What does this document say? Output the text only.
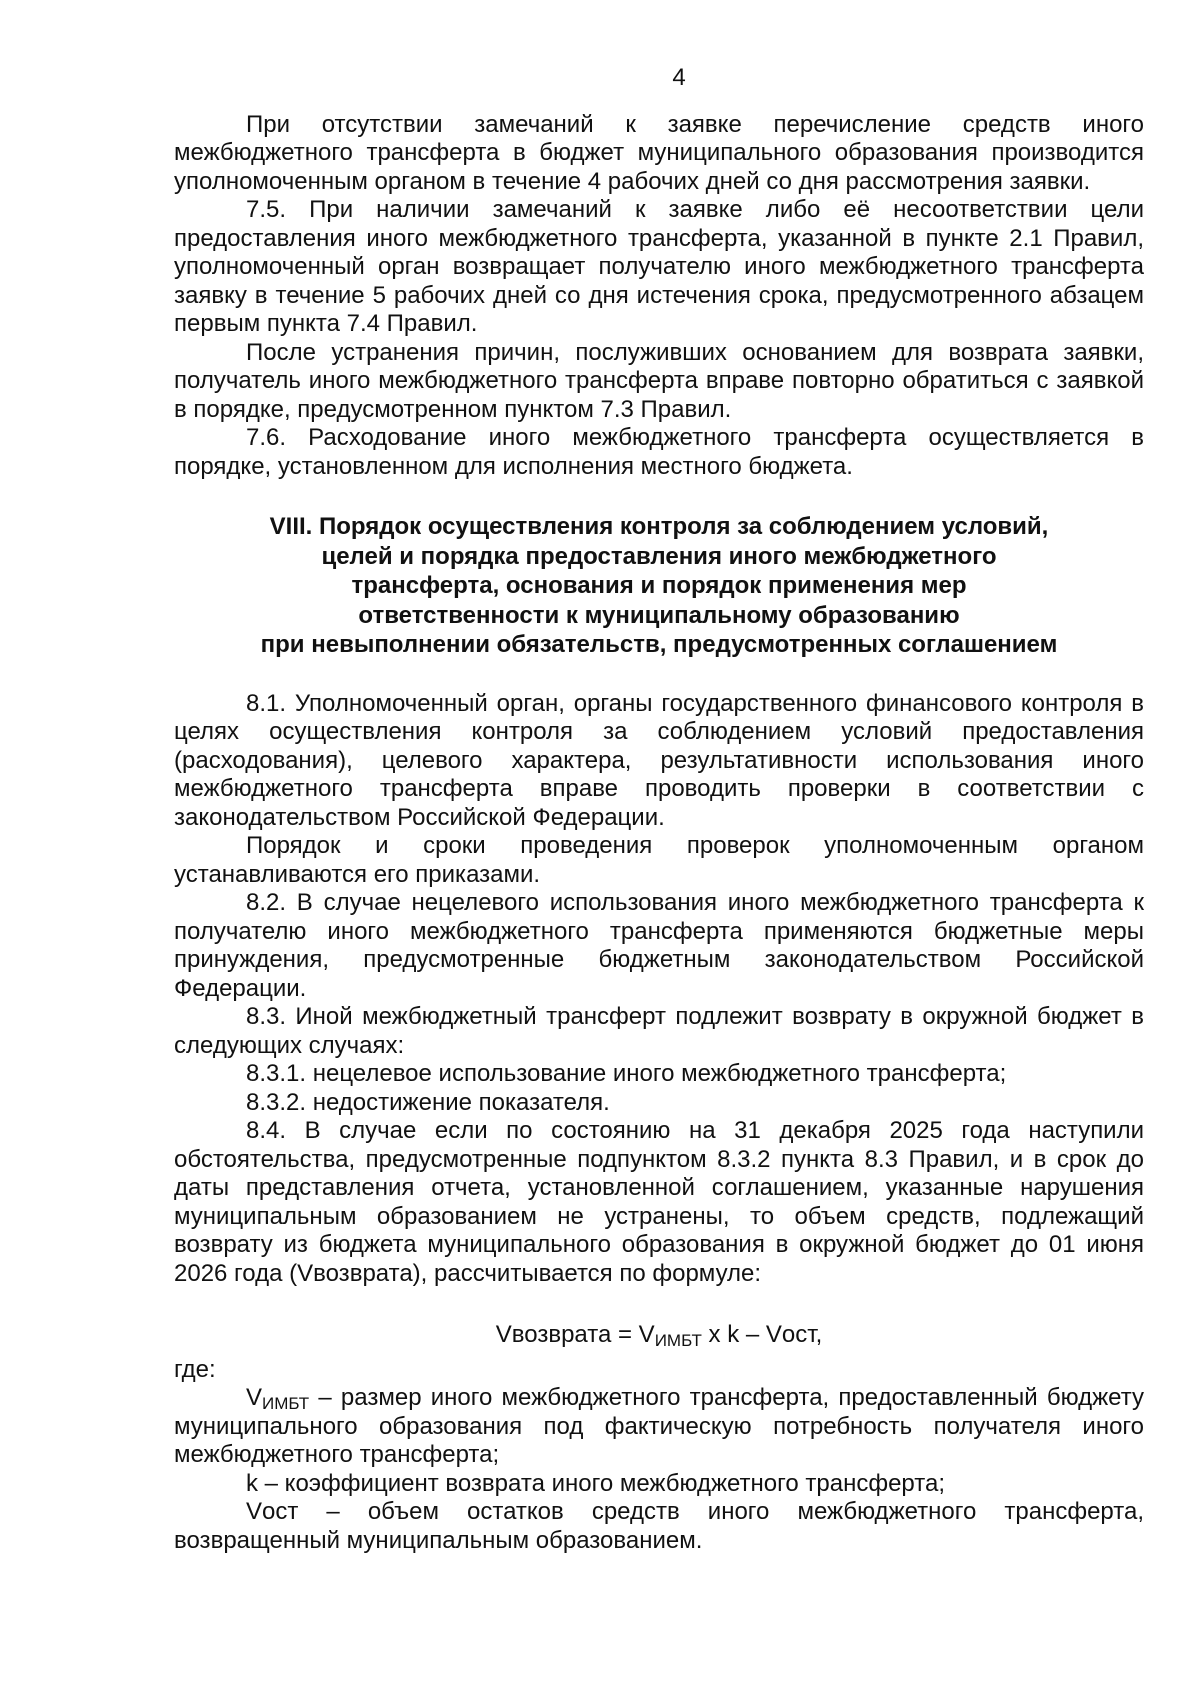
4

При отсутствии замечаний к заявке перечисление средств иного межбюджетного трансферта в бюджет муниципального образования производится уполномоченным органом в течение 4 рабочих дней со дня рассмотрения заявки.

7.5. При наличии замечаний к заявке либо её несоответствии цели предоставления иного межбюджетного трансферта, указанной в пункте 2.1 Правил, уполномоченный орган возвращает получателю иного межбюджетного трансферта заявку в течение 5 рабочих дней со дня истечения срока, предусмотренного абзацем первым пункта 7.4 Правил.

После устранения причин, послуживших основанием для возврата заявки, получатель иного межбюджетного трансферта вправе повторно обратиться с заявкой в порядке, предусмотренном пунктом 7.3 Правил.

7.6. Расходование иного межбюджетного трансферта осуществляется в порядке, установленном для исполнения местного бюджета.

VIII. Порядок осуществления контроля за соблюдением условий,
целей и порядка предоставления иного межбюджетного
трансферта, основания и порядок применения мер
ответственности к муниципальному образованию
при невыполнении обязательств, предусмотренных соглашением

8.1. Уполномоченный орган, органы государственного финансового контроля в целях осуществления контроля за соблюдением условий предоставления (расходования), целевого характера, результативности использования иного межбюджетного трансферта вправе проводить проверки в соответствии с законодательством Российской Федерации.

Порядок и сроки проведения проверок уполномоченным органом устанавливаются его приказами.

8.2. В случае нецелевого использования иного межбюджетного трансферта к получателю иного межбюджетного трансферта применяются бюджетные меры принуждения, предусмотренные бюджетным законодательством Российской Федерации.

8.3. Иной межбюджетный трансферт подлежит возврату в окружной бюджет в следующих случаях:

8.3.1. нецелевое использование иного межбюджетного трансферта;

8.3.2. недостижение показателя.

8.4. В случае если по состоянию на 31 декабря 2025 года наступили обстоятельства, предусмотренные подпунктом 8.3.2 пункта 8.3 Правил, и в срок до даты представления отчета, установленной соглашением, указанные нарушения муниципальным образованием не устранены, то объем средств, подлежащий возврату из бюджета муниципального образования в окружной бюджет до 01 июня 2026 года (Vвозврата), рассчитывается по формуле:

Vвозврата = $V_{ИМБТ}$ x k – Vост,

где:

$V_{ИМБТ}$ – размер иного межбюджетного трансферта, предоставленный бюджету муниципального образования под фактическую потребность получателя иного межбюджетного трансферта;

k – коэффициент возврата иного межбюджетного трансферта;

Vост – объем остатков средств иного межбюджетного трансферта, возвращенный муниципальным образованием.
